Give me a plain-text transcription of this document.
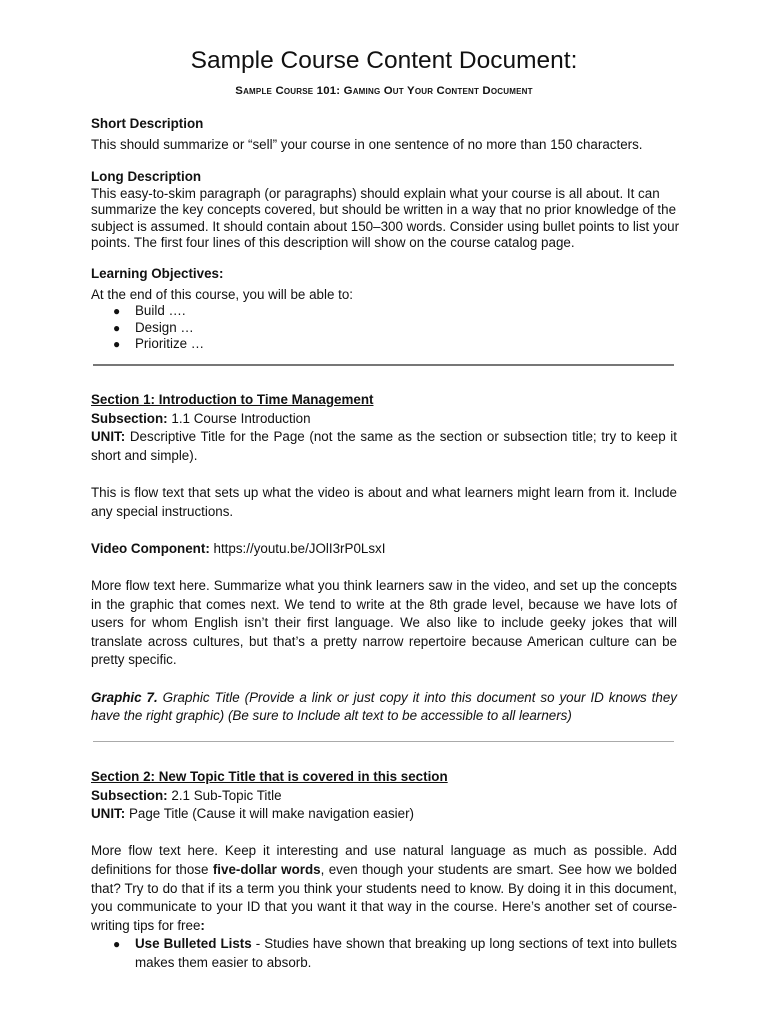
Sample Course Content Document:
Sample Course 101: Gaming Out Your Content Document

Short Description

This should summarize or “sell” your course in one sentence of no more than 150 characters.

Long Description

This easy-to-skim paragraph (or paragraphs) should explain what your course is all about. It can summarize the key concepts covered, but should be written in a way that no prior knowledge of the subject is assumed. It should contain about 150–300 words. Consider using bullet points to list your points. The first four lines of this description will show on the course catalog page.

Learning Objectives:

At the end of this course, you will be able to:

● Build ….
● Design …
● Prioritize …

Section 1: Introduction to Time Management

Subsection: 1.1 Course Introduction

UNIT: Descriptive Title for the Page (not the same as the section or subsection title; try to keep it short and simple).

This is flow text that sets up what the video is about and what learners might learn from it. Include any special instructions.

Video Component: https://youtu.be/JOlI3rP0LsxI

More flow text here. Summarize what you think learners saw in the video, and set up the concepts in the graphic that comes next. We tend to write at the 8th grade level, because we have lots of users for whom English isn’t their first language. We also like to include geeky jokes that will translate across cultures, but that’s a pretty narrow repertoire because American culture can be pretty specific.

Graphic 7. Graphic Title (Provide a link or just copy it into this document so your ID knows they have the right graphic) (Be sure to Include alt text to be accessible to all learners)

Section 2: New Topic Title that is covered in this section

Subsection: 2.1 Sub-Topic Title

UNIT: Page Title (Cause it will make navigation easier)

More flow text here. Keep it interesting and use natural language as much as possible. Add definitions for those five-dollar words, even though your students are smart. See how we bolded that? Try to do that if its a term you think your students need to know. By doing it in this document, you communicate to your ID that you want it that way in the course. Here’s another set of course-writing tips for free:

● Use Bulleted Lists - Studies have shown that breaking up long sections of text into bullets makes them easier to absorb.
